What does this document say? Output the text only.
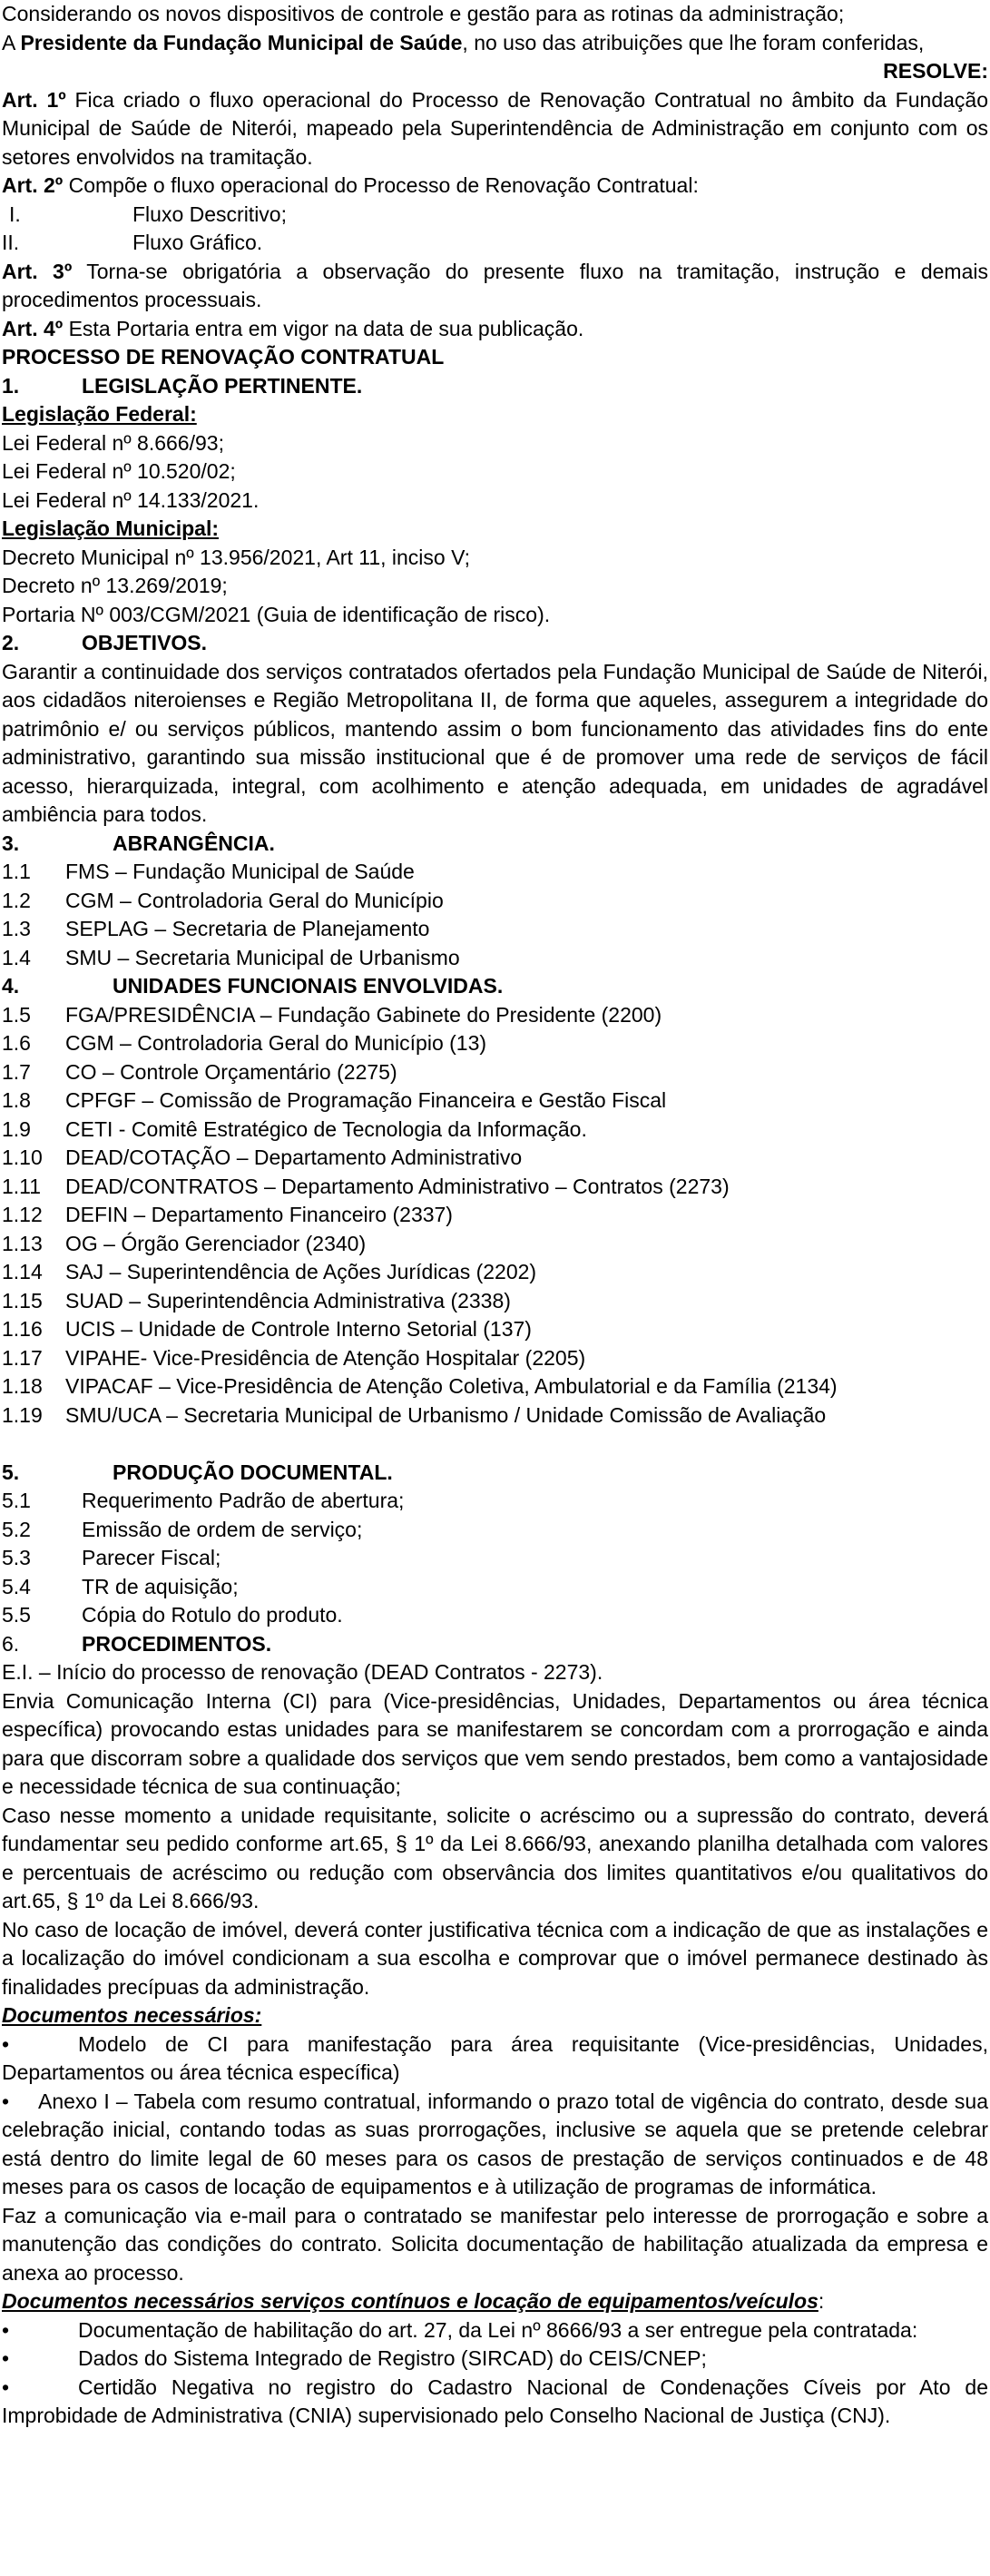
Considerando os novos dispositivos de controle e gestão para as rotinas da administração;

A Presidente da Fundação Municipal de Saúde, no uso das atribuições que lhe foram conferidas,

RESOLVE:

Art. 1º Fica criado o fluxo operacional do Processo de Renovação Contratual no âmbito da Fundação Municipal de Saúde de Niterói, mapeado pela Superintendência de Administração em conjunto com os setores envolvidos na tramitação.

Art. 2º Compõe o fluxo operacional do Processo de Renovação Contratual:

I.	Fluxo Descritivo;
II.	Fluxo Gráfico.

Art. 3º Torna-se obrigatória a observação do presente fluxo na tramitação, instrução e demais procedimentos processuais.

Art. 4º Esta Portaria entra em vigor na data de sua publicação.

PROCESSO DE RENOVAÇÃO CONTRATUAL

1.	LEGISLAÇÃO PERTINENTE.

Legislação Federal:

Lei Federal nº 8.666/93;

Lei Federal nº 10.520/02;

Lei Federal nº 14.133/2021.

Legislação Municipal:

Decreto Municipal nº 13.956/2021, Art 11, inciso V;

Decreto nº 13.269/2019;

Portaria Nº 003/CGM/2021 (Guia de identificação de risco).

2.	OBJETIVOS.

Garantir a continuidade dos serviços contratados ofertados pela Fundação Municipal de Saúde de Niterói, aos cidadãos niteroienses e Região Metropolitana II, de forma que aqueles, assegurem a integridade do patrimônio e/ ou serviços públicos, mantendo assim o bom funcionamento das atividades fins do ente administrativo, garantindo sua missão institucional que é de promover uma rede de serviços de fácil acesso, hierarquizada, integral, com acolhimento e atenção adequada, em unidades de agradável ambiência para todos.

3.	ABRANGÊNCIA.
1.1	FMS – Fundação Municipal de Saúde
1.2	CGM – Controladoria Geral do Município
1.3	SEPLAG – Secretaria de Planejamento
1.4	SMU – Secretaria Municipal de Urbanismo
4.	UNIDADES FUNCIONAIS ENVOLVIDAS.
1.5	FGA/PRESIDÊNCIA – Fundação Gabinete do Presidente (2200)
1.6	CGM – Controladoria Geral do Município (13)
1.7	CO – Controle Orçamentário (2275)
1.8	CPFGF – Comissão de Programação Financeira e Gestão Fiscal
1.9	CETI - Comitê Estratégico de Tecnologia da Informação.
1.10	DEAD/COTAÇÃO – Departamento Administrativo
1.11	DEAD/CONTRATOS – Departamento Administrativo – Contratos (2273)
1.12	DEFIN – Departamento Financeiro (2337)
1.13	OG – Órgão Gerenciador (2340)
1.14	SAJ – Superintendência de Ações Jurídicas (2202)
1.15	SUAD – Superintendência Administrativa (2338)
1.16	UCIS – Unidade de Controle Interno Setorial (137)
1.17	VIPAHE- Vice-Presidência de Atenção Hospitalar (2205)
1.18	VIPACAF – Vice-Presidência de Atenção Coletiva, Ambulatorial e da Família (2134)
1.19	SMU/UCA – Secretaria Municipal de Urbanismo / Unidade Comissão de Avaliação

5.	PRODUÇÃO DOCUMENTAL.
5.1	Requerimento Padrão de abertura;
5.2	Emissão de ordem de serviço;
5.3	Parecer Fiscal;
5.4	TR de aquisição;
5.5	Cópia do Rotulo do produto.
6.	PROCEDIMENTOS.

E.I. – Início do processo de renovação (DEAD Contratos - 2273).

Envia Comunicação Interna (CI) para (Vice-presidências, Unidades, Departamentos ou área técnica específica) provocando estas unidades para se manifestarem se concordam com a prorrogação e ainda para que discorram sobre a qualidade dos serviços que vem sendo prestados, bem como a vantajosidade e necessidade técnica de sua continuação;

Caso nesse momento a unidade requisitante, solicite o acréscimo ou a supressão do contrato, deverá fundamentar seu pedido conforme art.65, § 1º da Lei 8.666/93, anexando planilha detalhada com valores e percentuais de acréscimo ou redução com observância dos limites quantitativos e/ou qualitativos do art.65, § 1º da Lei 8.666/93.

No caso de locação de imóvel, deverá conter justificativa técnica com a indicação de que as instalações e a localização do imóvel condicionam a sua escolha e comprovar que o imóvel permanece destinado às finalidades precípuas da administração.

Documentos necessários:

•	Modelo de CI para manifestação para área requisitante (Vice-presidências, Unidades, Departamentos ou área técnica específica)

• Anexo I – Tabela com resumo contratual, informando o prazo total de vigência do contrato, desde sua celebração inicial, contando todas as suas prorrogações, inclusive se aquela que se pretende celebrar está dentro do limite legal de 60 meses para os casos de prestação de serviços continuados e de 48 meses para os casos de locação de equipamentos e à utilização de programas de informática.

Faz a comunicação via e-mail para o contratado se manifestar pelo interesse de prorrogação e sobre a manutenção das condições do contrato. Solicita documentação de habilitação atualizada da empresa e anexa ao processo.

Documentos necessários serviços contínuos e locação de equipamentos/veículos:

•	Documentação de habilitação do art. 27, da Lei nº 8666/93 a ser entregue pela contratada:

•	Dados do Sistema Integrado de Registro (SIRCAD) do CEIS/CNEP;

•	Certidão Negativa no registro do Cadastro Nacional de Condenações Cíveis por Ato de Improbidade de Administrativa (CNIA) supervisionado pelo Conselho Nacional de Justiça (CNJ).
